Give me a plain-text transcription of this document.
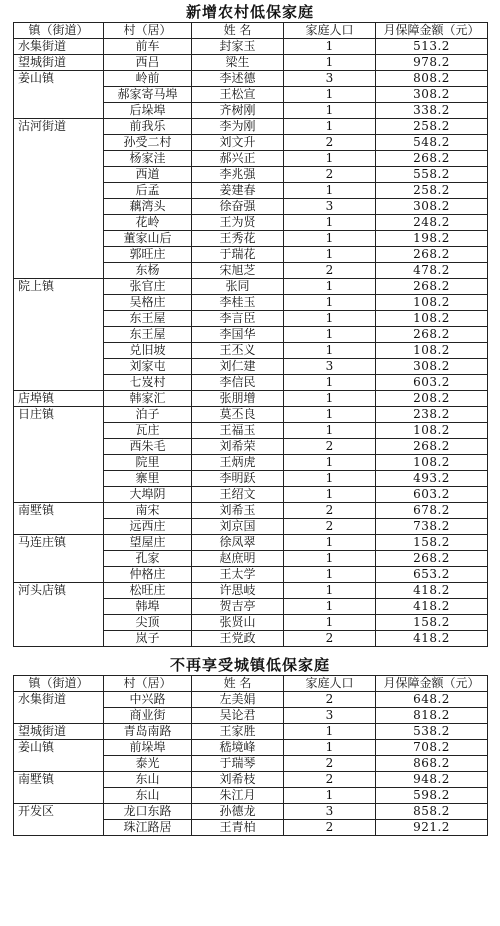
新增农村低保家庭
镇（街道）	村（居）	姓 名	家庭人口	月保障金额（元）
水集街道	前车	封家玉	1	513.2
望城街道	西吕	梁生	1	978.2
姜山镇	岭前	李述德	3	808.2
	郝家寄马埠	王松宣	1	308.2
	后垛埠	齐树刚	1	338.2
沽河街道	前我乐	李为刚	1	258.2
	孙受二村	刘文升	2	548.2
	杨家洼	郝兴正	1	268.2
	西道	李兆强	2	558.2
	后孟	姜建春	1	258.2
	藕湾头	徐奋强	3	308.2
	花岭	王为贤	1	248.2
	董家山后	王秀花	1	198.2
	郭旺庄	于瑞花	1	268.2
	东杨	宋旭芝	2	478.2
院上镇	张官庄	张同	1	268.2
	吴格庄	李桂玉	1	108.2
	东王屋	李言臣	1	108.2
	东王屋	李国华	1	268.2
	兑旧坡	王丕义	1	108.2
	刘家屯	刘仁建	3	308.2
	七岌村	李信民	1	603.2
店埠镇	韩家汇	张朋增	1	208.2
日庄镇	泊子	莫丕良	1	238.2
	瓦庄	王福玉	1	108.2
	西朱毛	刘希荣	2	268.2
	院里	王炳虎	1	108.2
	寨里	李明跃	1	493.2
	大埠阴	王绍文	1	603.2
南墅镇	南宋	刘希玉	2	678.2
	远西庄	刘京国	2	738.2
马连庄镇	望屋庄	徐凤翠	1	158.2
	孔家	赵庶明	1	268.2
	仲格庄	王太学	1	653.2
河头店镇	松旺庄	许思岐	1	418.2
	韩埠	贺吉亭	1	418.2
	尖顶	张贤山	1	158.2
	岚子	王党政	2	418.2
不再享受城镇低保家庭
镇（街道）	村（居）	姓 名	家庭人口	月保障金额（元）
水集街道	中兴路	左美娟	2	648.2
	商业街	吴论君	3	818.2
望城街道	青岛南路	王家胜	1	538.2
姜山镇	前垛埠	嵇境峰	1	708.2
	泰光	于瑞琴	2	868.2
南墅镇	东山	刘希枝	2	948.2
	东山	朱江月	1	598.2
开发区	龙口东路	孙德龙	3	858.2
	珠江路居	王青柏	2	921.2
